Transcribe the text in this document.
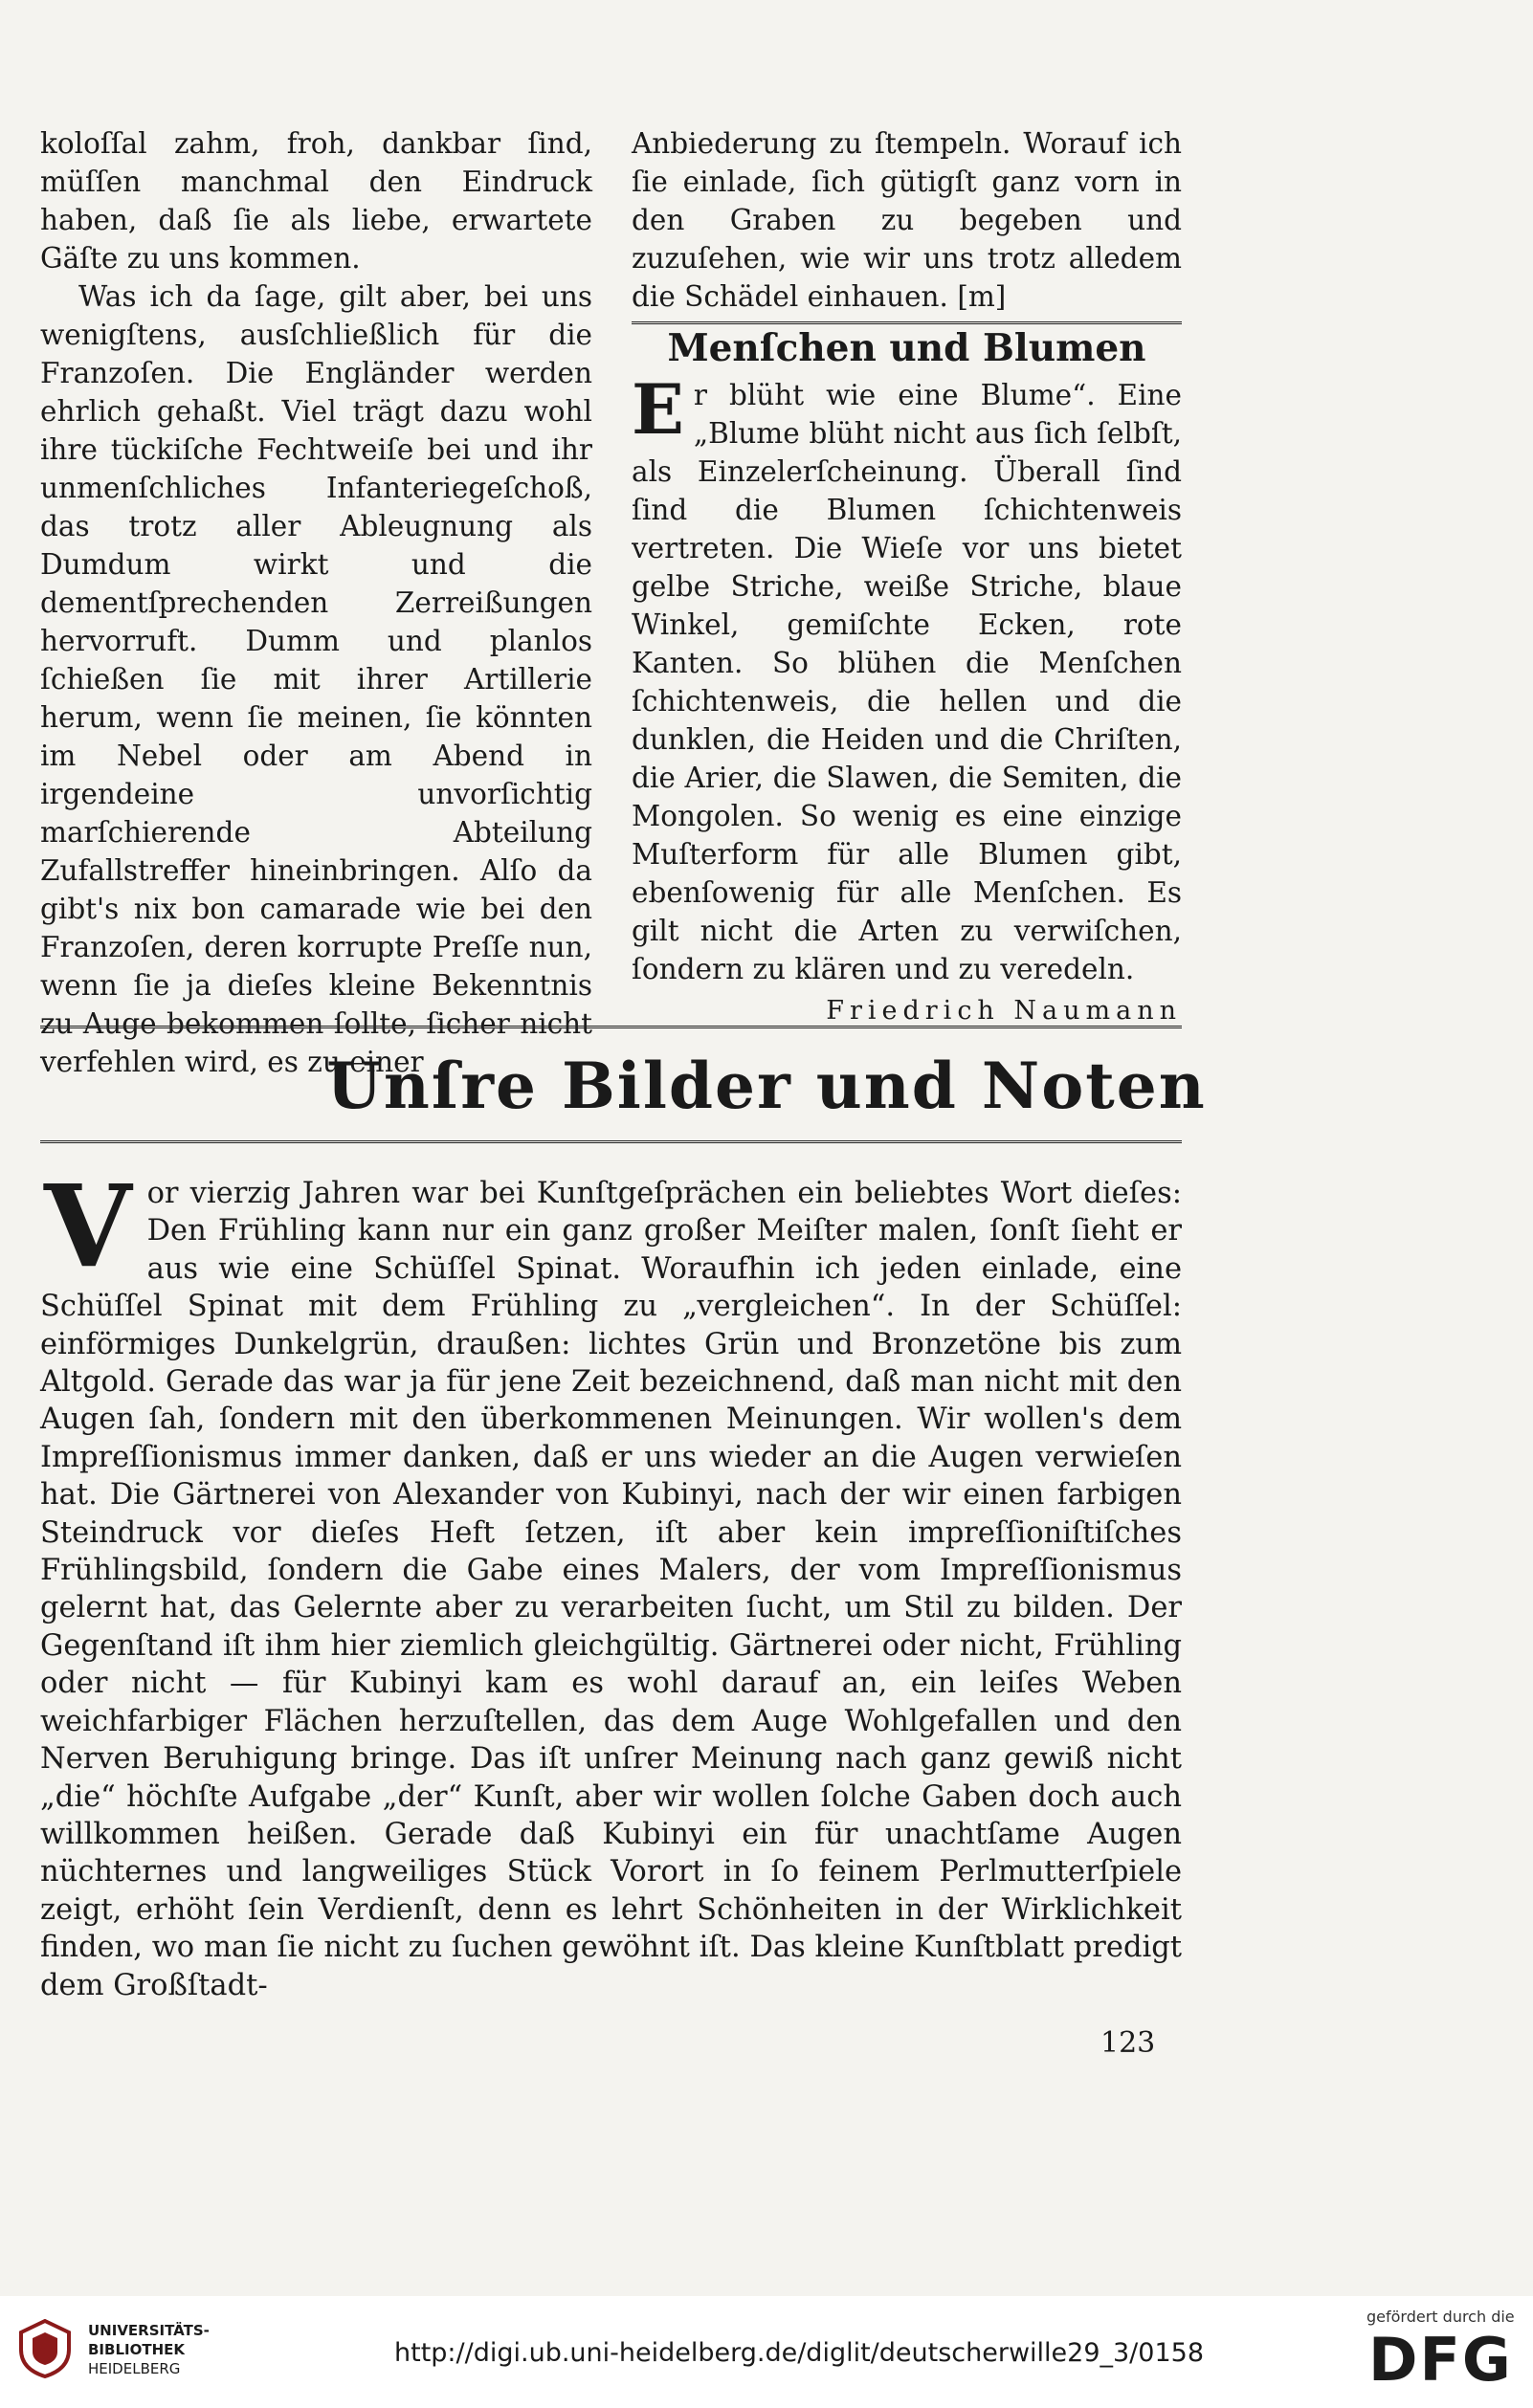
koloſſal zahm, froh, dankbar ſind, müſſen manchmal den Eindruck haben, daß ſie als liebe, erwartete Gäſte zu uns kommen.

Was ich da ſage, gilt aber, bei uns wenigſtens, ausſchließlich für die Franzoſen. Die Engländer werden ehrlich gehaßt. Viel trägt dazu wohl ihre tückiſche Fechtweiſe bei und ihr unmenſchliches Infanteriegeſchoß, das trotz aller Ableugnung als Dumdum wirkt und die dementſprechenden Zerreißungen hervorruft. Dumm und planlos ſchießen ſie mit ihrer Artillerie herum, wenn ſie meinen, ſie könnten im Nebel oder am Abend in irgendeine unvorſichtig marſchierende Abteilung Zufallstreffer hineinbringen. Alſo da gibt's nix bon camarade wie bei den Franzoſen, deren korrupte Preſſe nun, wenn ſie ja dieſes kleine Bekenntnis zu Auge bekommen ſollte, ſicher nicht verfehlen wird, es zu einer

Anbiederung zu ſtempeln. Worauf ich ſie einlade, ſich gütigſt ganz vorn in den Graben zu begeben und zuzuſehen, wie wir uns trotz alledem die Schädel einhauen. [m]

Menſchen und Blumen
E r blüht wie eine Blume“. Eine „Blume blüht nicht aus ſich ſelbſt, als Einzelerſcheinung. Überall ſind ſind die Blumen ſchichtenweis vertreten. Die Wieſe vor uns bietet gelbe Striche, weiße Striche, blaue Winkel, gemiſchte Ecken, rote Kanten. So blühen die Menſchen ſchichtenweis, die hellen und die dunklen, die Heiden und die Chriſten, die Arier, die Slawen, die Semiten, die Mongolen. So wenig es eine einzige Muſterform für alle Blumen gibt, ebenſowenig für alle Menſchen. Es gilt nicht die Arten zu verwiſchen, ſondern zu klären und zu veredeln.

Friedrich Naumann

Unſre Bilder und Noten
V or vierzig Jahren war bei Kunſtgeſprächen ein beliebtes Wort dieſes: Den Frühling kann nur ein ganz großer Meiſter malen, ſonſt ſieht er aus wie eine Schüſſel Spinat. Woraufhin ich jeden einlade, eine Schüſſel Spinat mit dem Frühling zu „vergleichen“. In der Schüſſel: einförmiges Dunkelgrün, draußen: lichtes Grün und Bronzetöne bis zum Altgold. Gerade das war ja für jene Zeit bezeichnend, daß man nicht mit den Augen ſah, ſondern mit den überkommenen Meinungen. Wir wollen's dem Impreſſionismus immer danken, daß er uns wieder an die Augen verwieſen hat. Die Gärtnerei von Alexander von Kubinyi, nach der wir einen farbigen Steindruck vor dieſes Heft ſetzen, iſt aber kein impreſſioniſtiſches Frühlingsbild, ſondern die Gabe eines Malers, der vom Impreſſionismus gelernt hat, das Gelernte aber zu verarbeiten ſucht, um Stil zu bilden. Der Gegenſtand iſt ihm hier ziemlich gleichgültig. Gärtnerei oder nicht, Frühling oder nicht — für Kubinyi kam es wohl darauf an, ein leiſes Weben weichfarbiger Flächen herzuſtellen, das dem Auge Wohlgefallen und den Nerven Beruhigung bringe. Das iſt unſrer Meinung nach ganz gewiß nicht „die“ höchſte Aufgabe „der“ Kunſt, aber wir wollen ſolche Gaben doch auch willkommen heißen. Gerade daß Kubinyi ein für unachtſame Augen nüchternes und langweiliges Stück Vorort in ſo feinem Perlmutterſpiele zeigt, erhöht ſein Verdienſt, denn es lehrt Schönheiten in der Wirklichkeit finden, wo man ſie nicht zu ſuchen gewöhnt iſt. Das kleine Kunſtblatt predigt dem Großſtadt-

123
UNIVERSITÄTS-
BIBLIOTHEK
HEIDELBERG
http://digi.ub.uni-heidelberg.de/diglit/deutscherwille29_3/0158
gefördert durch die
DFG
